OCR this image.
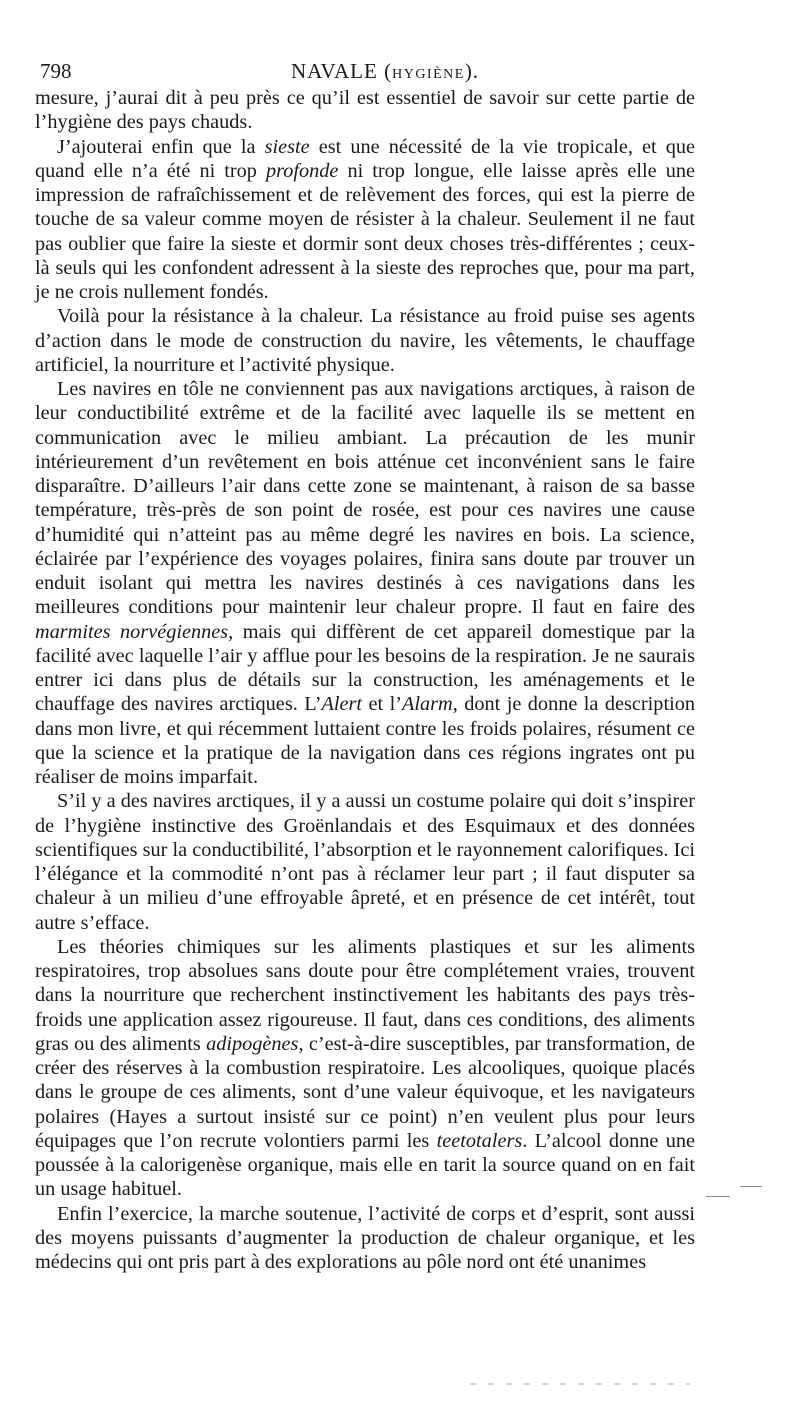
798	NAVALE (HYGIÈNE).

mesure, j’aurai dit à peu près ce qu’il est essentiel de savoir sur cette partie de l’hygiène des pays chauds.

J’ajouterai enfin que la sieste est une nécessité de la vie tropicale, et que quand elle n’a été ni trop profonde ni trop longue, elle laisse après elle une impression de rafraîchissement et de relèvement des forces, qui est la pierre de touche de sa valeur comme moyen de résister à la chaleur. Seulement il ne faut pas oublier que faire la sieste et dormir sont deux choses très-différentes ; ceux-là seuls qui les confondent adressent à la sieste des reproches que, pour ma part, je ne crois nullement fondés.

Voilà pour la résistance à la chaleur. La résistance au froid puise ses agents d’action dans le mode de construction du navire, les vêtements, le chauffage artificiel, la nourriture et l’activité physique.

Les navires en tôle ne conviennent pas aux navigations arctiques, à raison de leur conductibilité extrême et de la facilité avec laquelle ils se mettent en communication avec le milieu ambiant. La précaution de les munir intérieurement d’un revêtement en bois atténue cet inconvénient sans le faire disparaître. D’ailleurs l’air dans cette zone se maintenant, à raison de sa basse température, très-près de son point de rosée, est pour ces navires une cause d’humidité qui n’atteint pas au même degré les navires en bois. La science, éclairée par l’expérience des voyages polaires, finira sans doute par trouver un enduit isolant qui mettra les navires destinés à ces navigations dans les meilleures conditions pour maintenir leur chaleur propre. Il faut en faire des marmites norvégiennes, mais qui diffèrent de cet appareil domestique par la facilité avec laquelle l’air y afflue pour les besoins de la respiration. Je ne saurais entrer ici dans plus de détails sur la construction, les aménagements et le chauffage des navires arctiques. L’Alert et l’Alarm, dont je donne la description dans mon livre, et qui récemment luttaient contre les froids polaires, résument ce que la science et la pratique de la navigation dans ces régions ingrates ont pu réaliser de moins imparfait.

S’il y a des navires arctiques, il y a aussi un costume polaire qui doit s’inspirer de l’hygiène instinctive des Groënlandais et des Esquimaux et des données scientifiques sur la conductibilité, l’absorption et le rayonnement calorifiques. Ici l’élégance et la commodité n’ont pas à réclamer leur part ; il faut disputer sa chaleur à un milieu d’une effroyable âpreté, et en présence de cet intérêt, tout autre s’efface.

Les théories chimiques sur les aliments plastiques et sur les aliments respiratoires, trop absolues sans doute pour être complétement vraies, trouvent dans la nourriture que recherchent instinctivement les habitants des pays très-froids une application assez rigoureuse. Il faut, dans ces conditions, des aliments gras ou des aliments adipogènes, c’est-à-dire susceptibles, par transformation, de créer des réserves à la combustion respiratoire. Les alcooliques, quoique placés dans le groupe de ces aliments, sont d’une valeur équivoque, et les navigateurs polaires (Hayes a surtout insisté sur ce point) n’en veulent plus pour leurs équipages que l’on recrute volontiers parmi les teetotalers. L’alcool donne une poussée à la calorigenèse organique, mais elle en tarit la source quand on en fait un usage habituel.

Enfin l’exercice, la marche soutenue, l’activité de corps et d’esprit, sont aussi des moyens puissants d’augmenter la production de chaleur organique, et les médecins qui ont pris part à des explorations au pôle nord ont été unanimes
